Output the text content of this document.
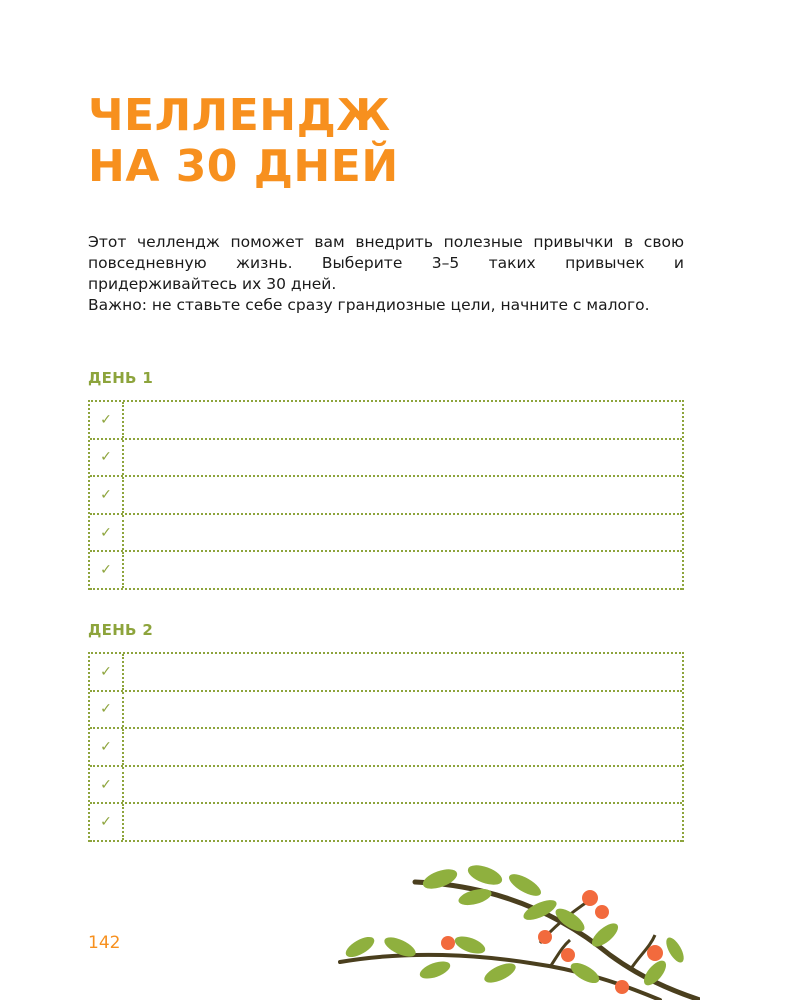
ЧЕЛЛЕНДЖ
НА 30 ДНЕЙ

Этот челлендж поможет вам внедрить полезные привычки в свою повседневную жизнь. Выберите 3–5 таких привычек и придерживайтесь их 30 дней.

Важно: не ставьте себе сразу грандиозные цели, начните с малого.

ДЕНЬ 1
✓
✓
✓
✓
✓
ДЕНЬ 2
✓
✓
✓
✓
✓

142
